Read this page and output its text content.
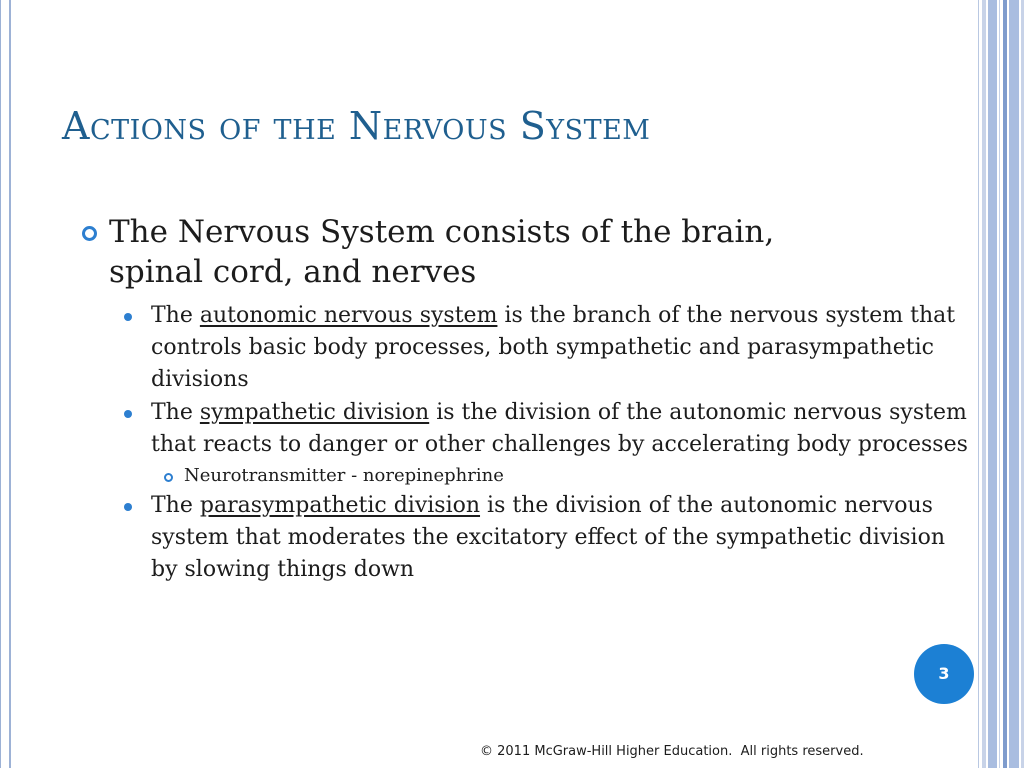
Actions of the Nervous System
The Nervous System consists of the brain,
spinal cord, and nerves
The autonomic nervous system is the branch of the nervous system that controls basic body processes, both sympathetic and parasympathetic divisions
The sympathetic division is the division of the autonomic nervous system that reacts to danger or other challenges by accelerating body processes
Neurotransmitter - norepinephrine
The parasympathetic division is the division of the autonomic nervous system that moderates the excitatory effect of the sympathetic division by slowing things down
3
© 2011 McGraw-Hill Higher Education.  All rights reserved.
